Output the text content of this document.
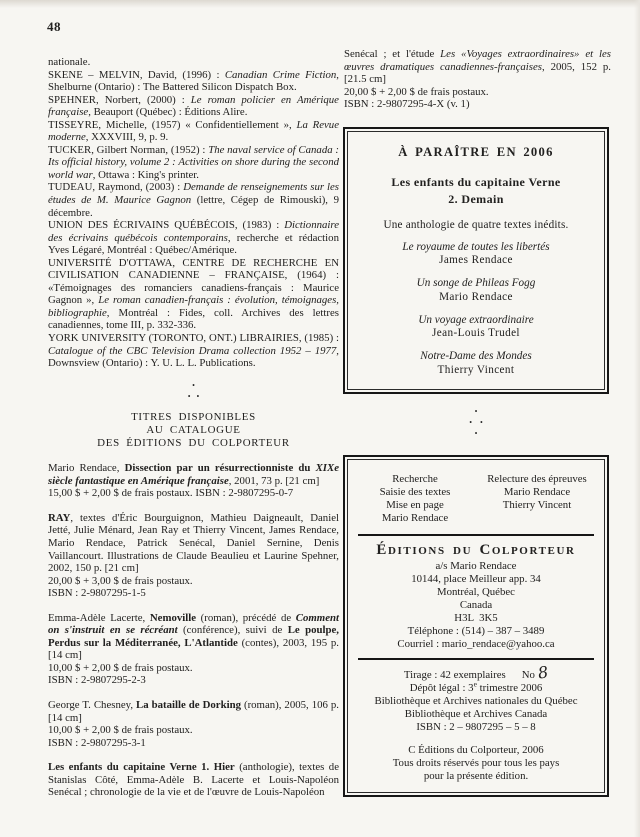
48

nationale.

SKENE – MELVIN, David, (1996) : Canadian Crime Fiction, Shelburne (Ontario) : The Battered Silicon Dispatch Box.

SPEHNER, Norbert, (2000) : Le roman policier en Amérique française, Beauport (Québec) : Éditions Alire.

TISSEYRE, Michelle, (1957) « Confidentiellement », La Revue moderne, XXXVIII, 9, p. 9.

TUCKER, Gilbert Norman, (1952) : The naval service of Canada : Its official history, volume 2 : Activities on shore during the second world war, Ottawa : King's printer.

TUDEAU, Raymond, (2003) : Demande de renseignements sur les études de M. Maurice Gagnon (lettre, Cégep de Rimouski), 9 décembre.

UNION DES ÉCRIVAINS QUÉBÉCOIS, (1983) : Dictionnaire des écrivains québécois contemporains, recherche et rédaction Yves Légaré, Montréal : Québec/Amérique.

UNIVERSITÉ D'OTTAWA, CENTRE DE RECHERCHE EN CIVILISATION CANADIENNE – FRANÇAISE, (1964) : «Témoignages des romanciers canadiens-français : Maurice Gagnon », Le roman canadien-français : évolution, témoignages, bibliographie, Montréal : Fides, coll. Archives des lettres canadiennes, tome III, p. 332-336.

YORK UNIVERSITY (TORONTO, ONT.) LIBRAIRIES, (1985) : Catalogue of the CBC Television Drama collection 1952 – 1977, Downsview (Ontario) : Y. U. L. L. Publications.

•
•   •
TITRES DISPONIBLES
AU CATALOGUE
DES ÉDITIONS DU COLPORTEUR

Mario Rendace, Dissection par un résurrectionniste du XIXe siècle fantastique en Amérique française, 2001, 73 p. [21 cm]
15,00 $ + 2,00 $ de frais postaux. ISBN : 2-9807295-0-7

RAY, textes d'Éric Bourguignon, Mathieu Daigneault, Daniel Jetté, Julie Ménard, Jean Ray et Thierry Vincent, James Rendace, Mario Rendace, Patrick Senécal, Daniel Sernine, Denis Vaillancourt. Illustrations de Claude Beaulieu et Laurine Spehner, 2002, 150 p. [21 cm]
20,00 $ + 3,00 $ de frais postaux.
ISBN : 2-9807295-1-5

Emma-Adèle Lacerte, Nemoville (roman), précédé de Comment on s'instruit en se récréant (conférence), suivi de Le poulpe, Perdus sur la Méditerranée, L'Atlantide (contes), 2003, 195 p. [14 cm]
10,00 $ + 2,00 $ de frais postaux.
ISBN : 2-9807295-2-3

George T. Chesney, La bataille de Dorking (roman), 2005, 106 p. [14 cm]
10,00 $ + 2,00 $ de frais postaux.
ISBN : 2-9807295-3-1

Les enfants du capitaine Verne 1. Hier (anthologie), textes de Stanislas Côté, Emma-Adèle B. Lacerte et Louis-Napoléon Senécal ; chronologie de la vie et de l'œuvre de Louis-Napoléon

Senécal ; et l'étude Les «Voyages extraordinaires» et les œuvres dramatiques canadiennes-françaises, 2005, 152 p. [21.5 cm]
20,00 $ + 2,00 $ de frais postaux.
ISBN : 2-9807295-4-X (v. 1)
À PARAÎTRE EN 2006
Les enfants du capitaine Verne
2. Demain
Une anthologie de quatre textes inédits.
Le royaume de toutes les libertés
James Rendace
Un songe de Phileas Fogg
Mario Rendace
Un voyage extraordinaire
Jean-Louis Trudel
Notre-Dame des Mondes
Thierry Vincent
•
•    •
•
Recherche
Saisie des textes
Mise en page
Mario Rendace
Relecture des épreuves
Mario Rendace
Thierry Vincent
Éditions du Colporteur
a/s Mario Rendace
10144, place Meilleur app. 34
Montréal, Québec
Canada
H3L  3K5
Téléphone : (514) – 387 – 3489
Courriel : mario_rendace@yahoo.ca
Tirage : 42 exemplaires No 8
Dépôt légal : 3e trimestre 2006
Bibliothèque et Archives nationales du Québec
Bibliothèque et Archives Canada
ISBN : 2 – 9807295 – 5 – 8
C Éditions du Colporteur, 2006
Tous droits réservés pour tous les pays
pour la présente édition.
